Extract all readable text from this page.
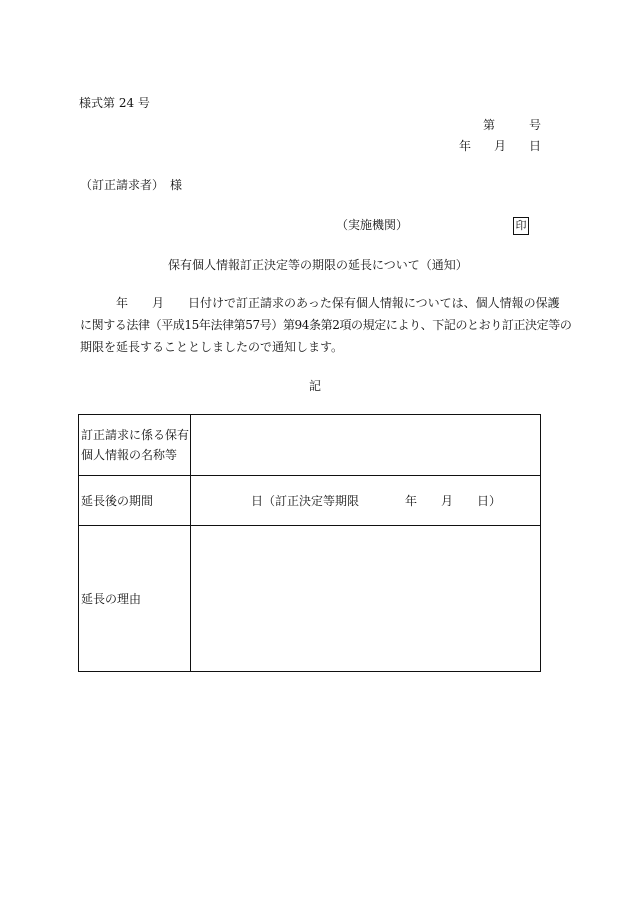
様式第 24 号
第	号
年 月 日
（訂正請求者）　様
（実施機関）	印
保有個人情報訂正決定等の期限の延長について（通知）
年 月 日付けで訂正請求のあった保有個人情報については、個人情報の保護
に関する法律（平成15年法律第57号）第94条第2項の規定により、下記のとおり訂正決定等の
期限を延長することとしましたので通知します。
記
訂正請求に係る保有
個人情報の名称等	

延長後の期間	日（訂正決定等期限 年 月 日）
延長の理由	
